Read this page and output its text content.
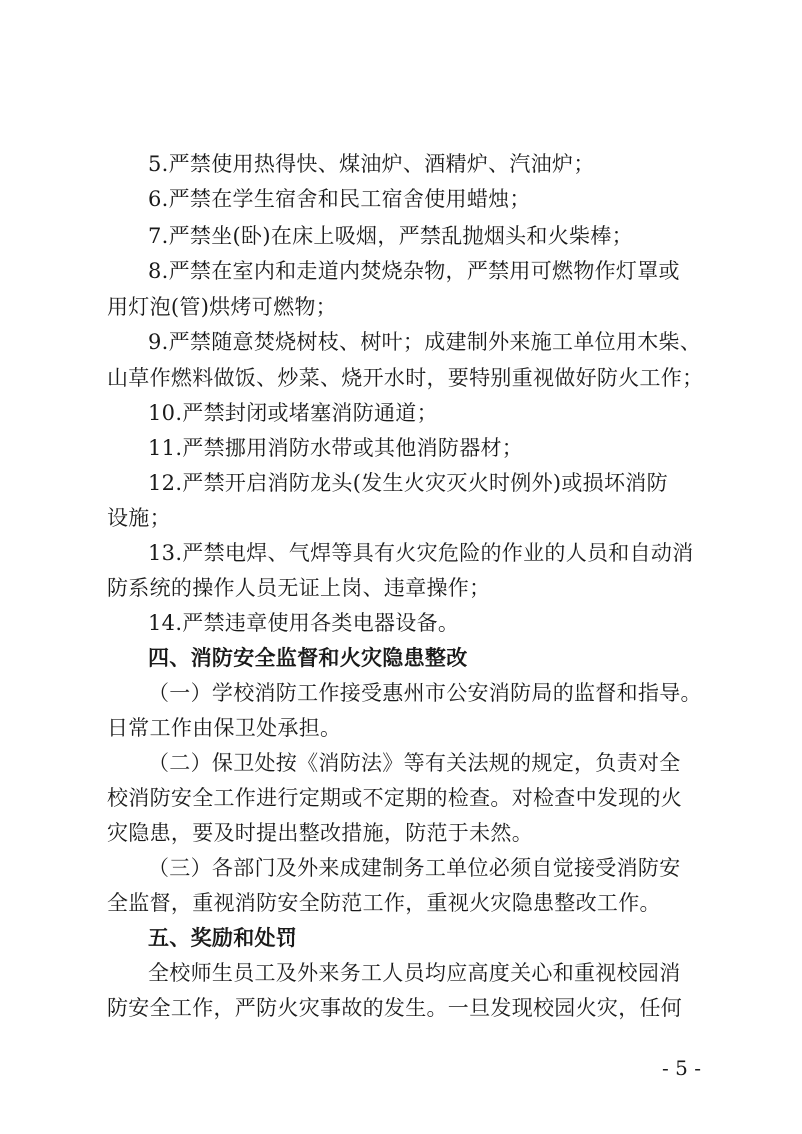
5.严禁使用热得快、煤油炉、酒精炉、汽油炉；
6.严禁在学生宿舍和民工宿舍使用蜡烛；
7.严禁坐(卧)在床上吸烟，严禁乱抛烟头和火柴棒；
8.严禁在室内和走道内焚烧杂物，严禁用可燃物作灯罩或
用灯泡(管)烘烤可燃物；
9.严禁随意焚烧树枝、树叶；成建制外来施工单位用木柴、
山草作燃料做饭、炒菜、烧开水时，要特别重视做好防火工作；
10.严禁封闭或堵塞消防通道；
11.严禁挪用消防水带或其他消防器材；
12.严禁开启消防龙头(发生火灾灭火时例外)或损坏消防
设施；
13.严禁电焊、气焊等具有火灾危险的作业的人员和自动消
防系统的操作人员无证上岗、违章操作；
14.严禁违章使用各类电器设备。
四、消防安全监督和火灾隐患整改
（一）学校消防工作接受惠州市公安消防局的监督和指导。
日常工作由保卫处承担。
（二）保卫处按《消防法》等有关法规的规定，负责对全
校消防安全工作进行定期或不定期的检查。对检查中发现的火
灾隐患，要及时提出整改措施，防范于未然。
（三）各部门及外来成建制务工单位必须自觉接受消防安
全监督，重视消防安全防范工作，重视火灾隐患整改工作。
五、奖励和处罚
全校师生员工及外来务工人员均应高度关心和重视校园消
防安全工作，严防火灾事故的发生。一旦发现校园火灾，任何
- 5 -
